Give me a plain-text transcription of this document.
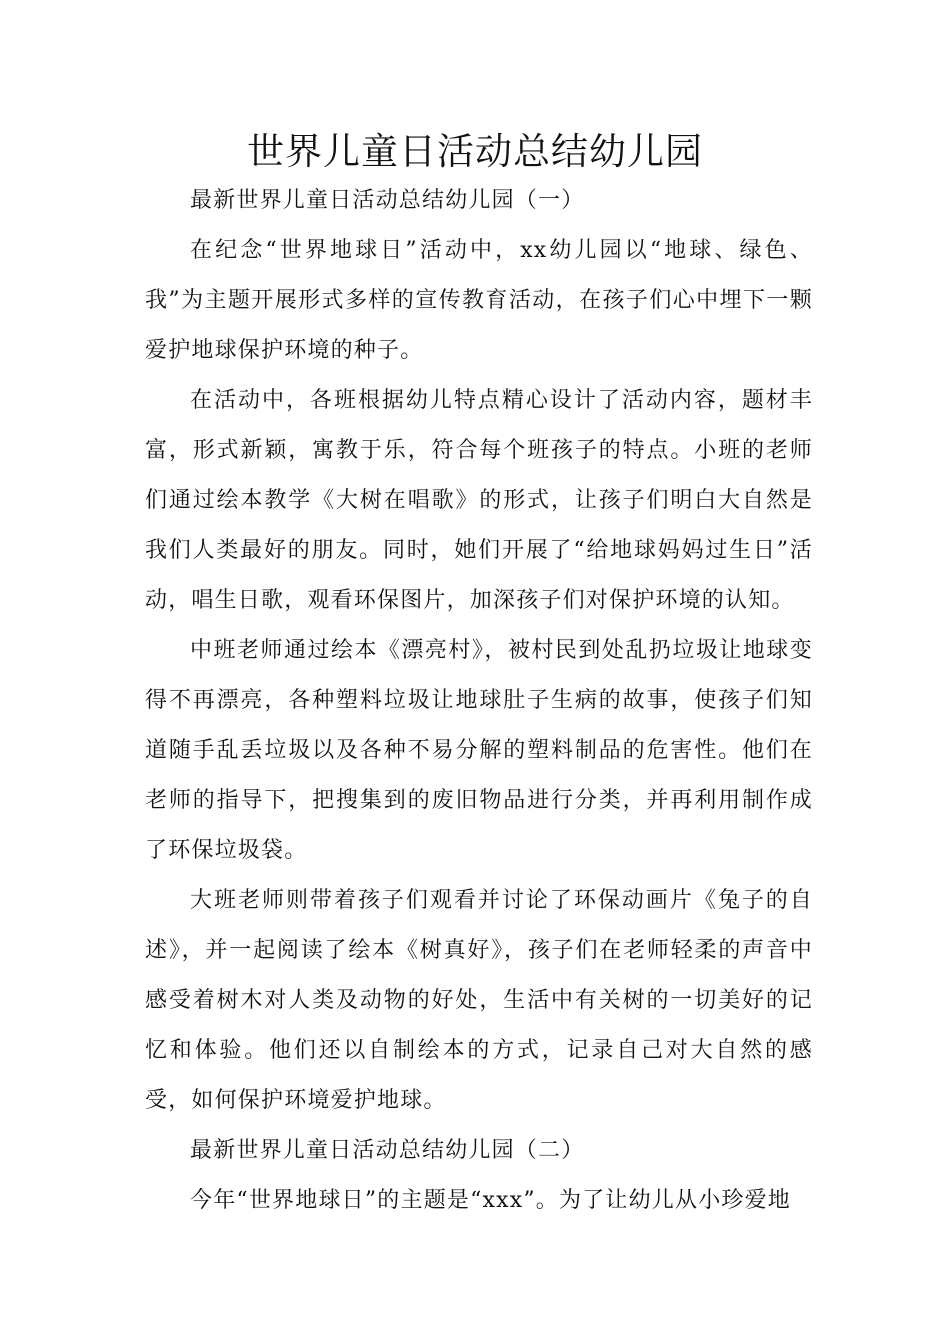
世界儿童日活动总结幼儿园

最新世界儿童日活动总结幼儿园（一）

在纪念“世界地球日”活动中，xx幼儿园以“地球、绿色、我”为主题开展形式多样的宣传教育活动，在孩子们心中埋下一颗爱护地球保护环境的种子。

在活动中，各班根据幼儿特点精心设计了活动内容，题材丰富，形式新颖，寓教于乐，符合每个班孩子的特点。小班的老师们通过绘本教学《大树在唱歌》的形式，让孩子们明白大自然是我们人类最好的朋友。同时，她们开展了“给地球妈妈过生日”活动，唱生日歌，观看环保图片，加深孩子们对保护环境的认知。

中班老师通过绘本《漂亮村》，被村民到处乱扔垃圾让地球变得不再漂亮，各种塑料垃圾让地球肚子生病的故事，使孩子们知道随手乱丢垃圾以及各种不易分解的塑料制品的危害性。他们在老师的指导下，把搜集到的废旧物品进行分类，并再利用制作成了环保垃圾袋。

大班老师则带着孩子们观看并讨论了环保动画片《兔子的自述》，并一起阅读了绘本《树真好》，孩子们在老师轻柔的声音中感受着树木对人类及动物的好处，生活中有关树的一切美好的记忆和体验。他们还以自制绘本的方式，记录自己对大自然的感受，如何保护环境爱护地球。

最新世界儿童日活动总结幼儿园（二）

今年“世界地球日”的主题是“xxx”。为了让幼儿从小珍爱地
